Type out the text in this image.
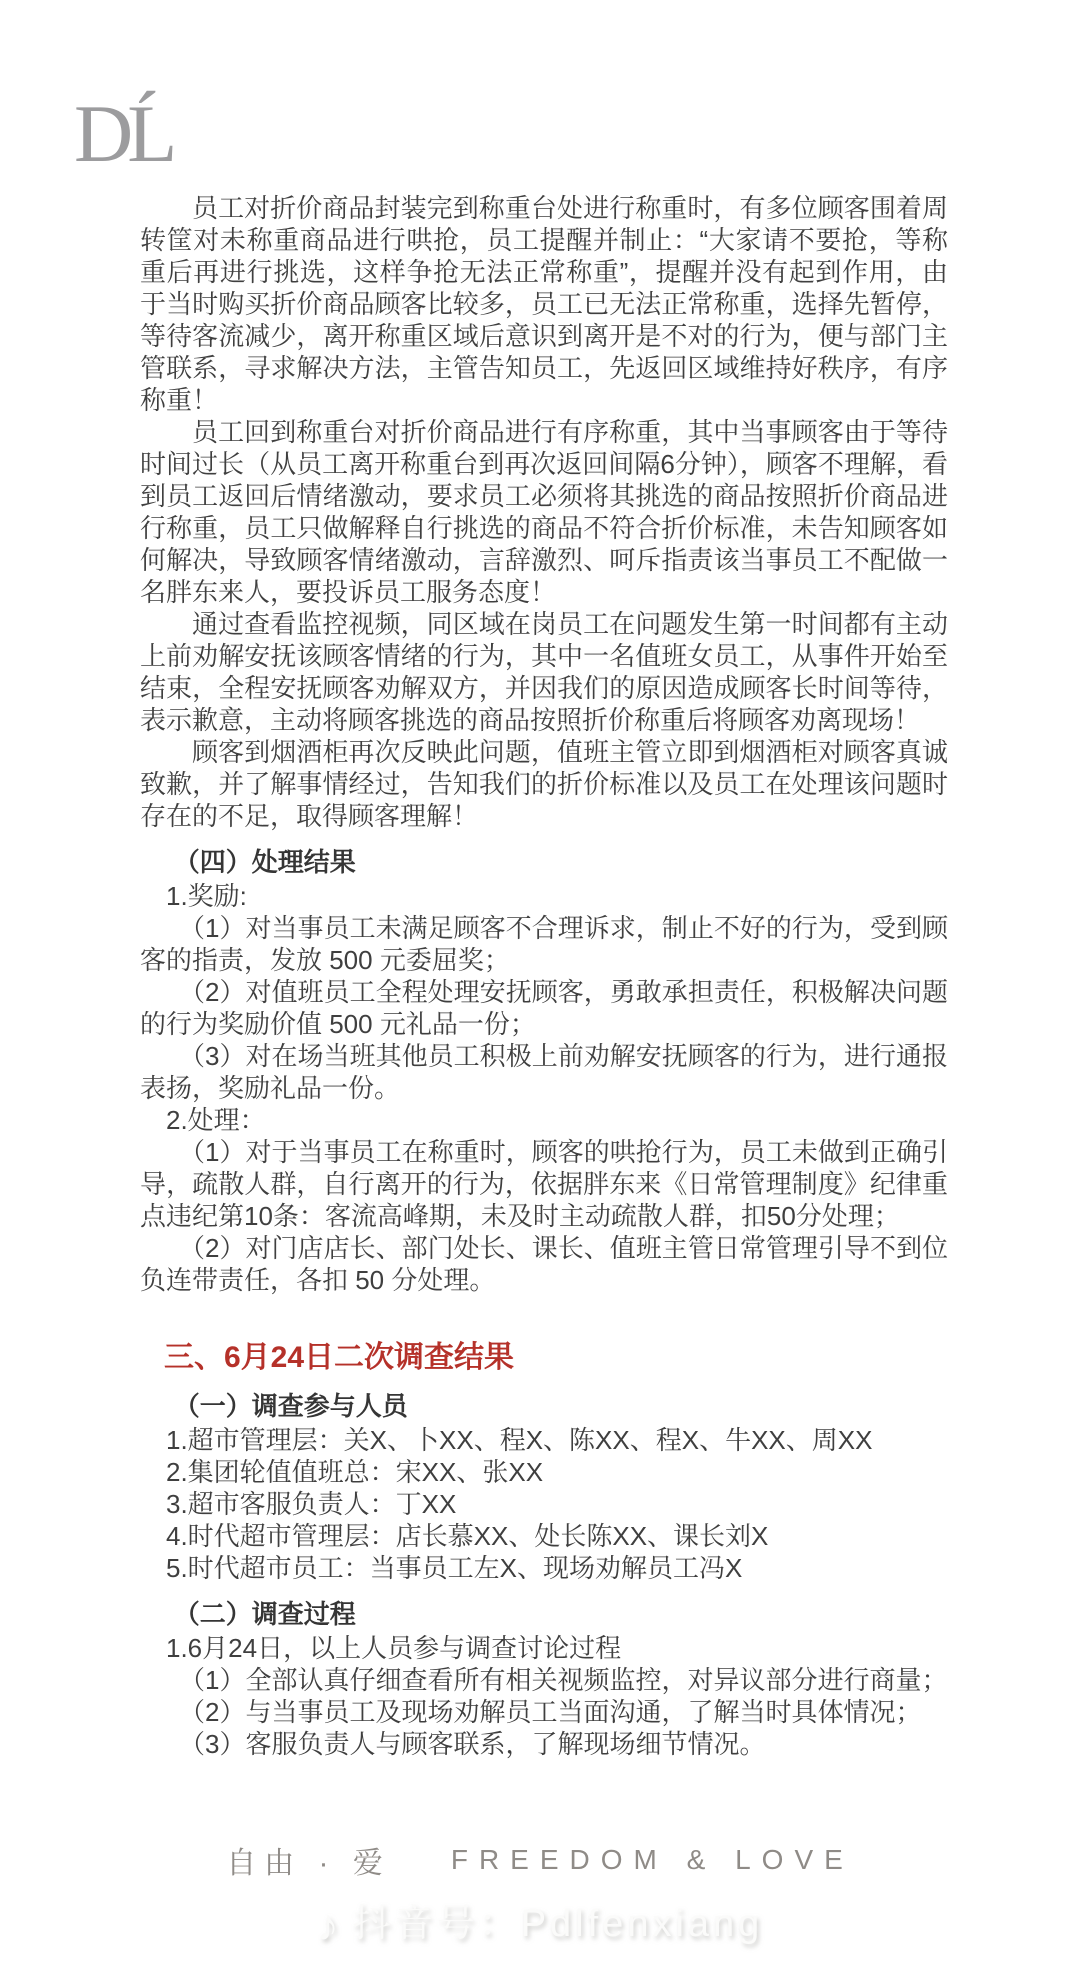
DĹ

员工对折价商品封装完到称重台处进行称重时，有多位顾客围着周转筐对未称重商品进行哄抢，员工提醒并制止：“大家请不要抢，等称重后再进行挑选，这样争抢无法正常称重”，提醒并没有起到作用，由于当时购买折价商品顾客比较多，员工已无法正常称重，选择先暂停，等待客流减少，离开称重区域后意识到离开是不对的行为，便与部门主管联系，寻求解决方法，主管告知员工，先返回区域维持好秩序，有序称重！

员工回到称重台对折价商品进行有序称重，其中当事顾客由于等待时间过长（从员工离开称重台到再次返回间隔6分钟），顾客不理解，看到员工返回后情绪激动，要求员工必须将其挑选的商品按照折价商品进行称重，员工只做解释自行挑选的商品不符合折价标准，未告知顾客如何解决，导致顾客情绪激动，言辞激烈、呵斥指责该当事员工不配做一名胖东来人，要投诉员工服务态度！

通过查看监控视频，同区域在岗员工在问题发生第一时间都有主动上前劝解安抚该顾客情绪的行为，其中一名值班女员工，从事件开始至结束，全程安抚顾客劝解双方，并因我们的原因造成顾客长时间等待，表示歉意，主动将顾客挑选的商品按照折价称重后将顾客劝离现场！

顾客到烟酒柜再次反映此问题，值班主管立即到烟酒柜对顾客真诚致歉，并了解事情经过，告知我们的折价标准以及员工在处理该问题时存在的不足，取得顾客理解！

（四）处理结果

1.奖励:

（1）对当事员工未满足顾客不合理诉求，制止不好的行为，受到顾客的指责，发放 500 元委屈奖；

（2）对值班员工全程处理安抚顾客，勇敢承担责任，积极解决问题的行为奖励价值 500 元礼品一份；

（3）对在场当班其他员工积极上前劝解安抚顾客的行为，进行通报表扬，奖励礼品一份。

2.处理：

（1）对于当事员工在称重时，顾客的哄抢行为，员工未做到正确引导，疏散人群，自行离开的行为，依据胖东来《日常管理制度》纪律重点违纪第10条：客流高峰期，未及时主动疏散人群，扣50分处理；

（2）对门店店长、部门处长、课长、值班主管日常管理引导不到位负连带责任，各扣 50 分处理。

三、6月24日二次调查结果

（一）调查参与人员

1.超市管理层：关X、卜XX、程X、陈XX、程X、牛XX、周XX

2.集团轮值值班总：宋XX、张XX

3.超市客服负责人：丁XX

4.时代超市管理层：店长慕XX、处长陈XX、课长刘X

5.时代超市员工：当事员工左X、现场劝解员工冯X

（二）调查过程

1.6月24日，以上人员参与调查讨论过程

（1）全部认真仔细查看所有相关视频监控，对异议部分进行商量；

（2）与当事员工及现场劝解员工当面沟通，了解当时具体情况；

（3）客服负责人与顾客联系，了解现场细节情况。

自由 · 爱 FREEDOM & LOVE
♪ 抖音号：Pdlfenxiang
